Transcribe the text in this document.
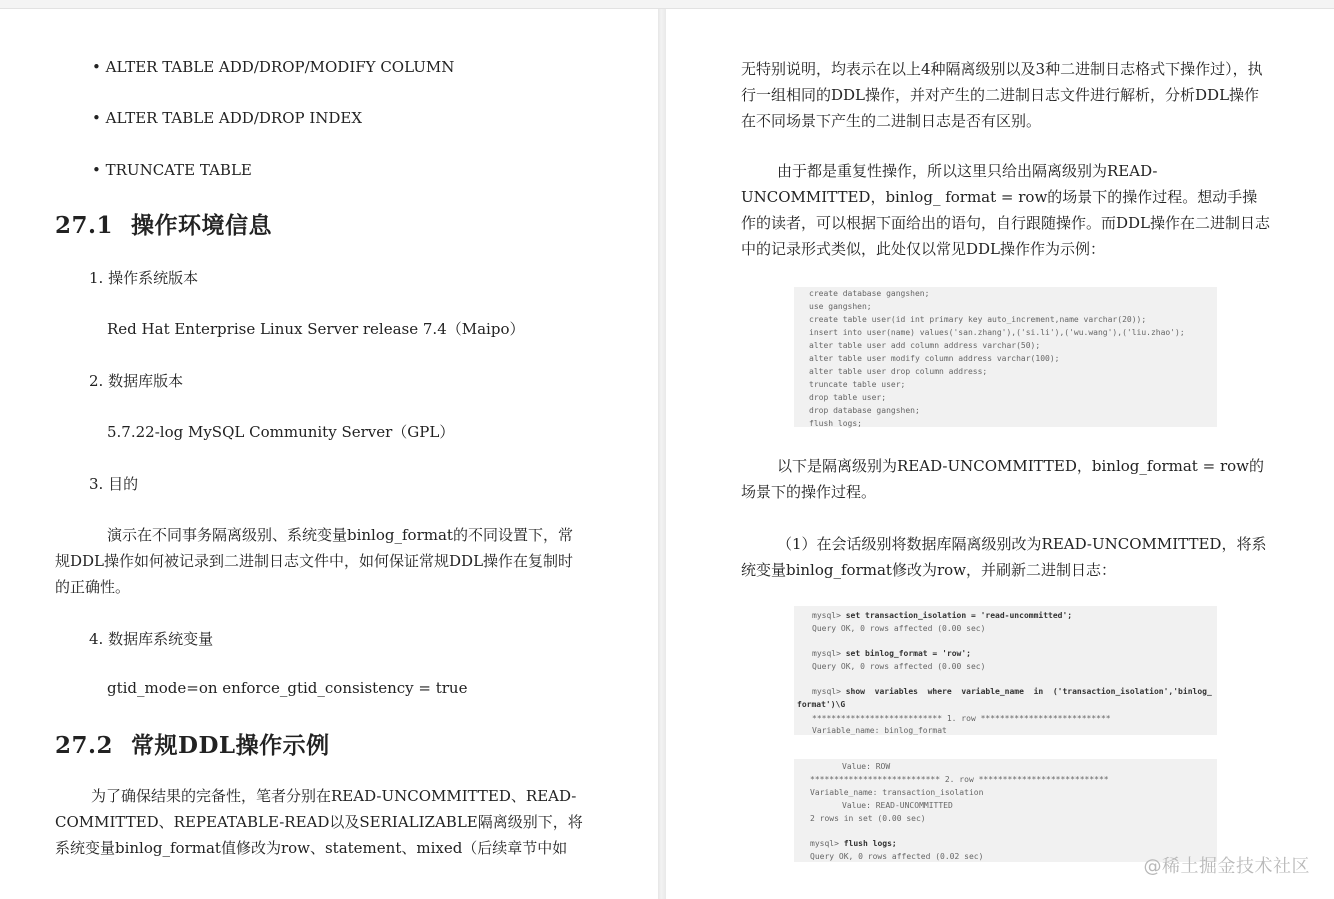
• ALTER TABLE ADD/DROP/MODIFY COLUMN
• ALTER TABLE ADD/DROP INDEX
• TRUNCATE TABLE
27.1 操作环境信息
1. 操作系统版本
Red Hat Enterprise Linux Server release 7.4（Maipo）
2. 数据库版本
5.7.22-log MySQL Community Server（GPL）
3. 目的
演示在不同事务隔离级别、系统变量binlog_format的不同设置下，常规DDL操作如何被记录到二进制日志文件中，如何保证常规DDL操作在复制时的正确性。
4. 数据库系统变量
gtid_mode=on enforce_gtid_consistency = true
27.2 常规DDL操作示例
为了确保结果的完备性，笔者分别在READ-UNCOMMITTED、READ-COMMITTED、REPEATABLE-READ以及SERIALIZABLE隔离级别下，将系统变量binlog_format值修改为row、statement、mixed（后续章节中如
无特别说明，均表示在以上4种隔离级别以及3种二进制日志格式下操作过），执行一组相同的DDL操作，并对产生的二进制日志文件进行解析，分析DDL操作在不同场景下产生的二进制日志是否有区别。
由于都是重复性操作，所以这里只给出隔离级别为READ-UNCOMMITTED，binlog_ format = row的场景下的操作过程。想动手操作的读者，可以根据下面给出的语句，自行跟随操作。而DDL操作在二进制日志中的记录形式类似，此处仅以常见DDL操作作为示例：
create database gangshen;
use gangshen;
create table user(id int primary key auto_increment,name varchar(20));
insert into user(name) values('san.zhang'),('si.li'),('wu.wang'),('liu.zhao');
alter table user add column address varchar(50);
alter table user modify column address varchar(100);
alter table user drop column address;
truncate table user;
drop table user;
drop database gangshen;
flush logs;
以下是隔离级别为READ-UNCOMMITTED，binlog_format = row的场景下的操作过程。
（1）在会话级别将数据库隔离级别改为READ-UNCOMMITTED，将系统变量binlog_format修改为row，并刷新二进制日志：
mysql> set transaction_isolation = 'read-uncommitted';
Query OK, 0 rows affected (0.00 sec)
mysql> set binlog_format = 'row';
Query OK, 0 rows affected (0.00 sec)
mysql> show  variables  where  variable_name  in  ('transaction_isolation','binlog_
format')\G
*************************** 1. row ***************************
Variable_name: binlog_format
Value: ROW
*************************** 2. row ***************************
Variable_name: transaction_isolation
Value: READ-UNCOMMITTED
2 rows in set (0.00 sec)
mysql> flush logs;
Query OK, 0 rows affected (0.02 sec)	@稀土掘金技术社区
